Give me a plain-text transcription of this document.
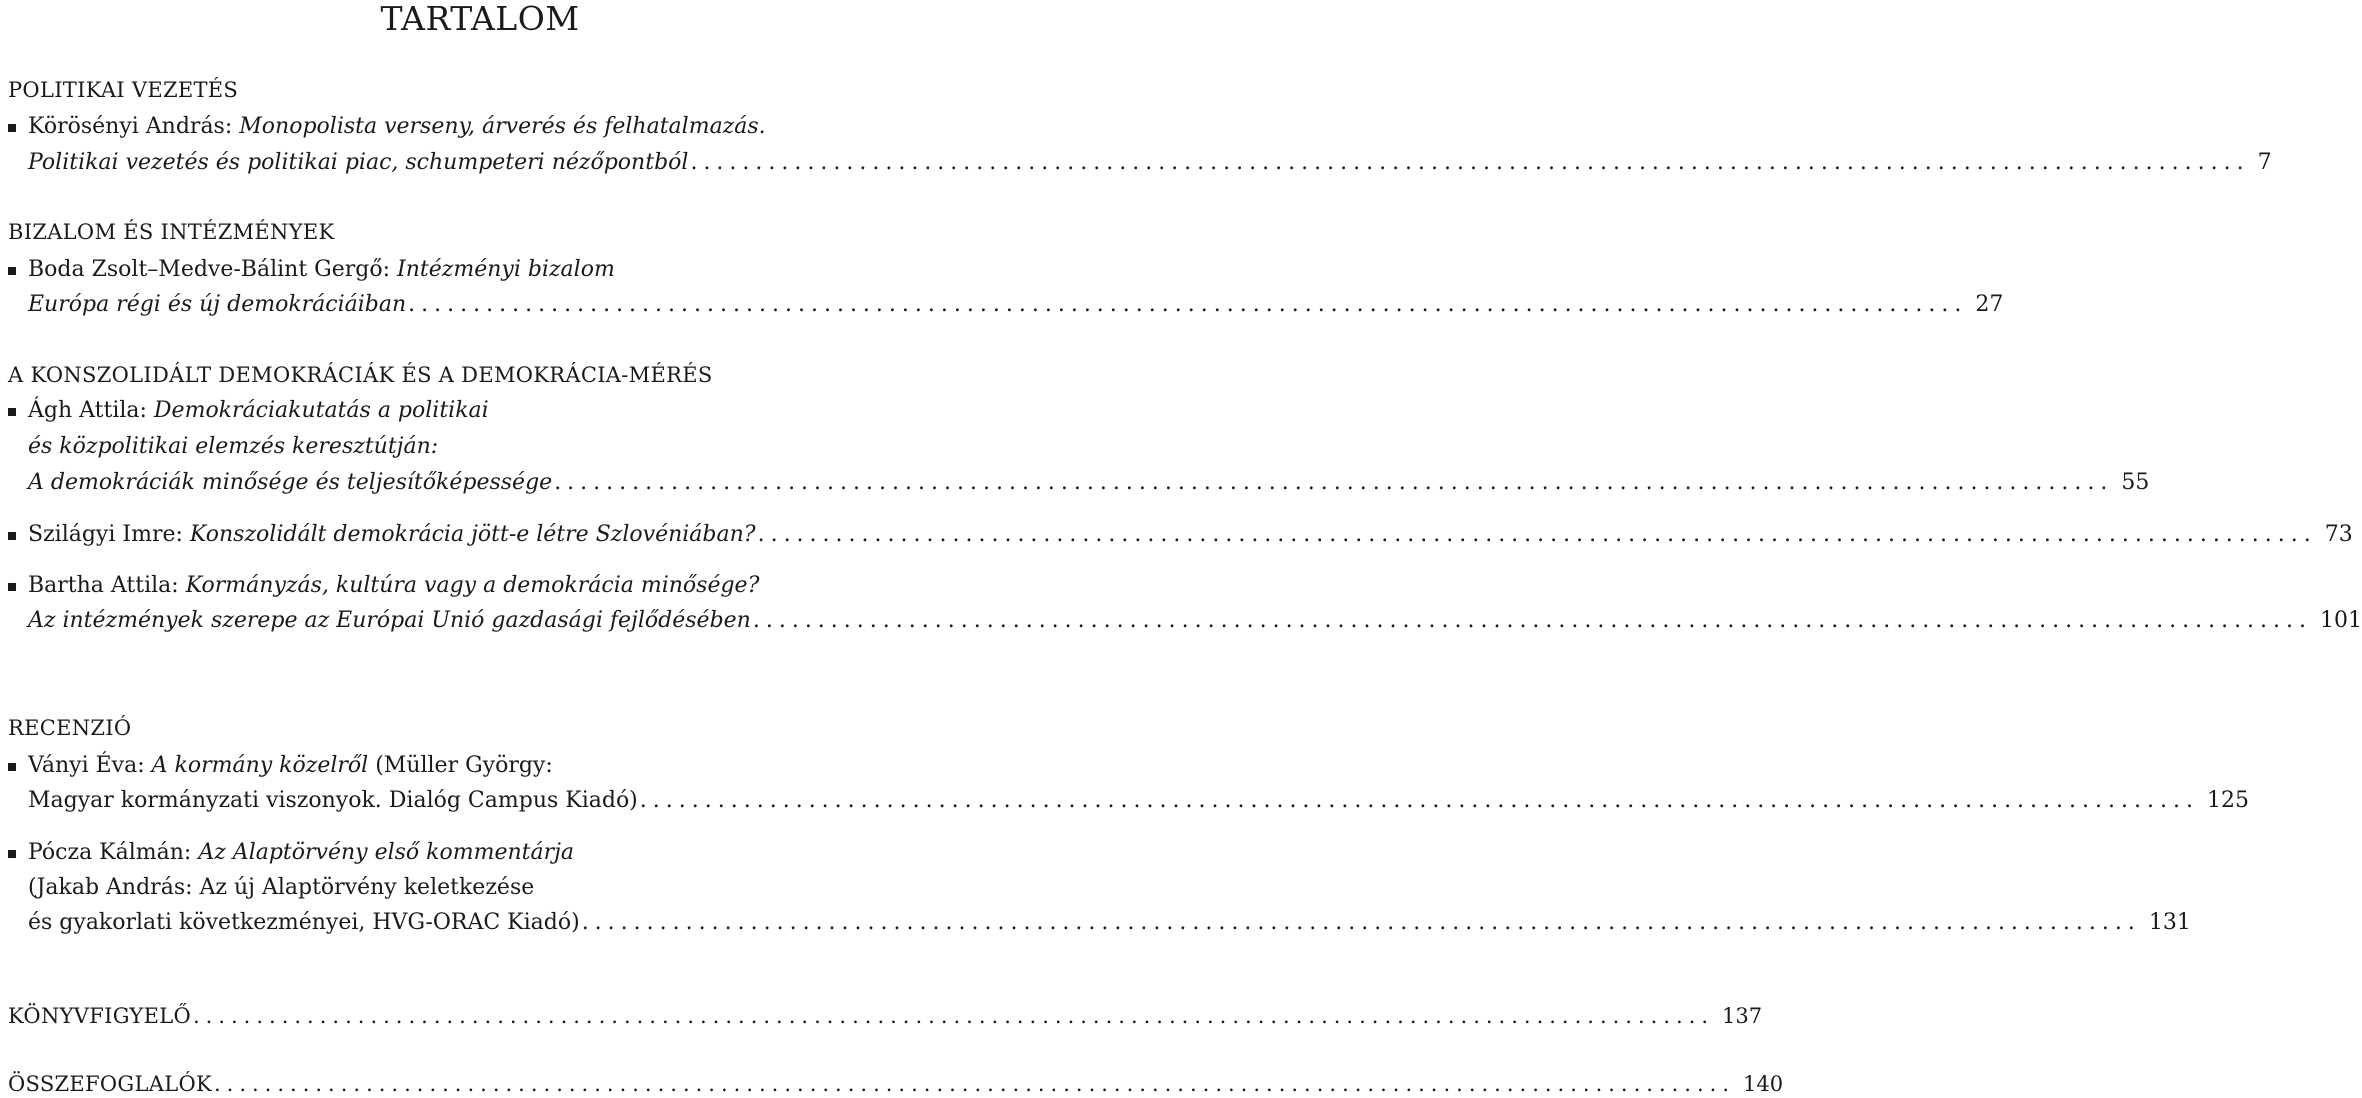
TARTALOM
POLITIKAI VEZETÉS
Körösényi András: Monopolista verseny, árverés és felhatalmazás.
Politikai vezetés és politikai piac, schumpeteri nézőpontból ........................................................................................................................ 7
BIZALOM ÉS INTÉZMÉNYEK
Boda Zsolt–Medve-Bálint Gergő: Intézményi bizalom
Európa régi és új demokráciáiban ........................................................................................................................ 27
A KONSZOLIDÁLT DEMOKRÁCIÁK ÉS A DEMOKRÁCIA-MÉRÉS
Ágh Attila: Demokráciakutatás a politikai
és közpolitikai elemzés keresztútján:
A demokráciák minősége és teljesítőképessége ........................................................................................................................ 55
Szilágyi Imre: Konszolidált demokrácia jött-e létre Szlovéniában? ........................................................................................................................ 73
Bartha Attila: Kormányzás, kultúra vagy a demokrácia minősége?
Az intézmények szerepe az Európai Unió gazdasági fejlődésében ........................................................................................................................ 101
RECENZIÓ
Ványi Éva: A kormány közelről (Müller György:
Magyar kormányzati viszonyok. Dialóg Campus Kiadó) ........................................................................................................................ 125
Pócza Kálmán: Az Alaptörvény első kommentárja
(Jakab András: Az új Alaptörvény keletkezése
és gyakorlati következményei, HVG-ORAC Kiadó) ........................................................................................................................ 131
KÖNYVFIGYELŐ ........................................................................................................................ 137
ÖSSZEFOGLALÓK ........................................................................................................................ 140
